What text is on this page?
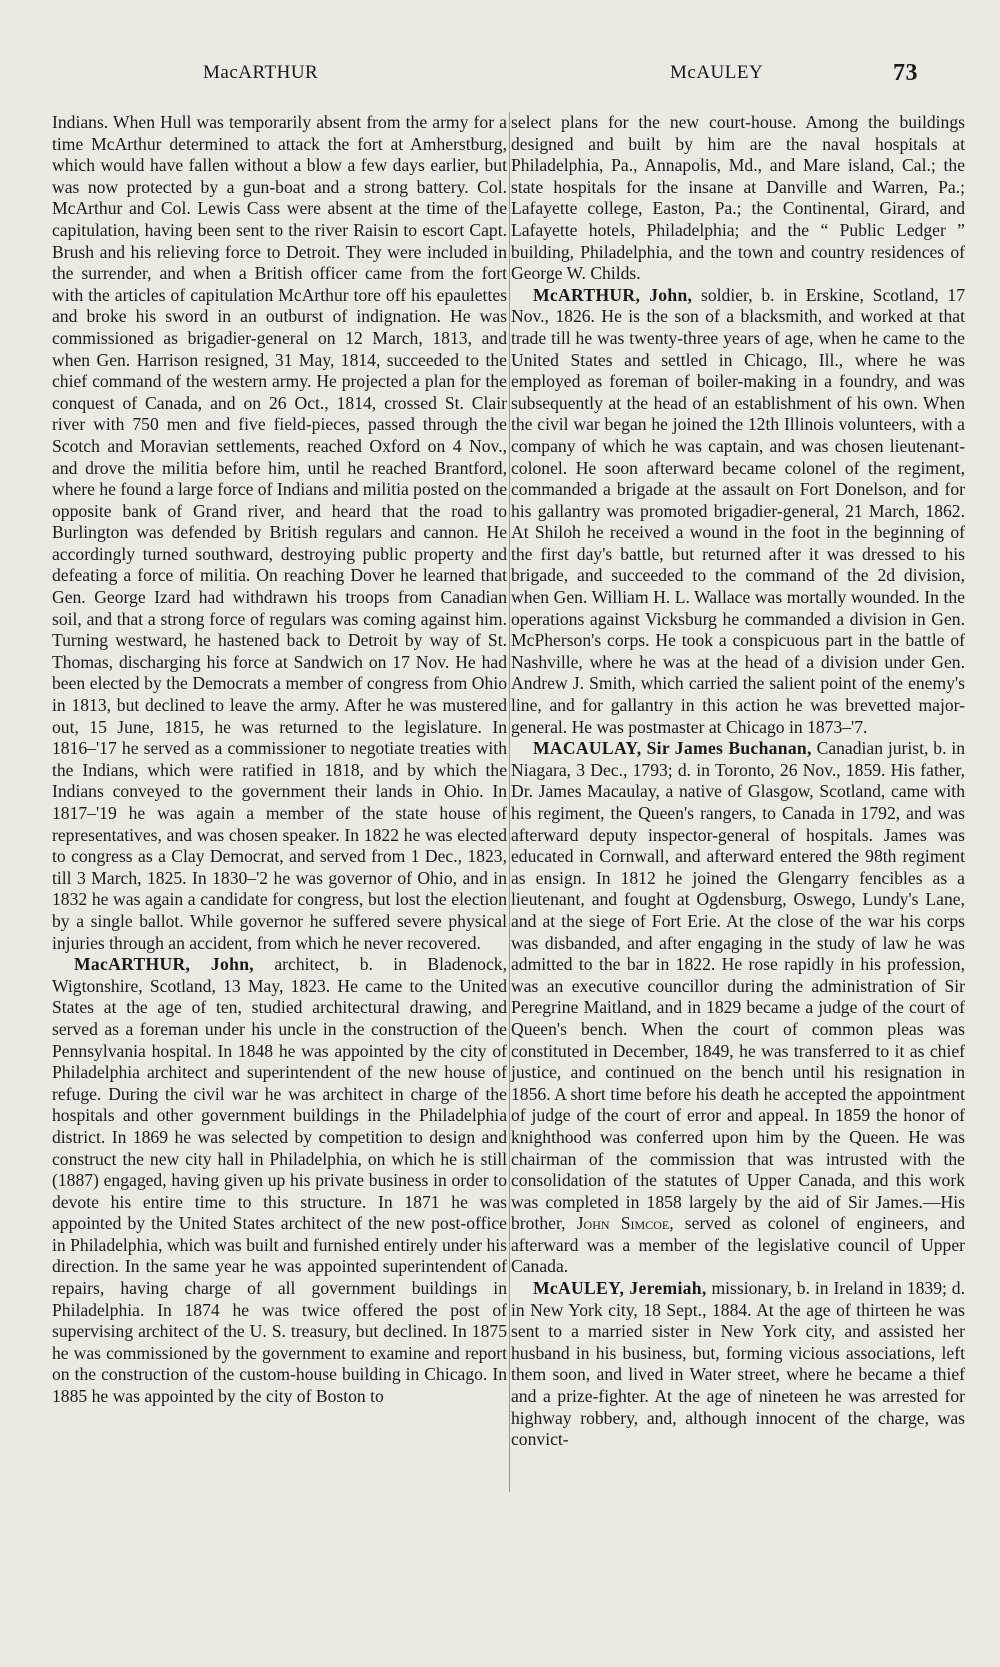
MacARTHUR	McAULEY	73

Indians. When Hull was temporarily absent from the army for a time McArthur determined to attack the fort at Amherstburg, which would have fallen without a blow a few days earlier, but was now protected by a gun-boat and a strong battery. Col. McArthur and Col. Lewis Cass were absent at the time of the capitulation, having been sent to the river Raisin to escort Capt. Brush and his relieving force to Detroit. They were included in the surrender, and when a British officer came from the fort with the articles of capitulation McArthur tore off his epaulettes and broke his sword in an outburst of indignation. He was commissioned as brigadier-general on 12 March, 1813, and when Gen. Harrison resigned, 31 May, 1814, succeeded to the chief command of the western army. He projected a plan for the conquest of Canada, and on 26 Oct., 1814, crossed St. Clair river with 750 men and five field-pieces, passed through the Scotch and Moravian settlements, reached Oxford on 4 Nov., and drove the militia before him, until he reached Brantford, where he found a large force of Indians and militia posted on the opposite bank of Grand river, and heard that the road to Burlington was defended by British regulars and cannon. He accordingly turned southward, destroying public property and defeating a force of militia. On reaching Dover he learned that Gen. George Izard had withdrawn his troops from Canadian soil, and that a strong force of regulars was coming against him. Turning westward, he hastened back to Detroit by way of St. Thomas, discharging his force at Sandwich on 17 Nov. He had been elected by the Democrats a member of congress from Ohio in 1813, but declined to leave the army. After he was mustered out, 15 June, 1815, he was returned to the legislature. In 1816–'17 he served as a commissioner to negotiate treaties with the Indians, which were ratified in 1818, and by which the Indians conveyed to the government their lands in Ohio. In 1817–'19 he was again a member of the state house of representatives, and was chosen speaker. In 1822 he was elected to congress as a Clay Democrat, and served from 1 Dec., 1823, till 3 March, 1825. In 1830–'2 he was governor of Ohio, and in 1832 he was again a candidate for congress, but lost the election by a single ballot. While governor he suffered severe physical injuries through an accident, from which he never recovered.

MacARTHUR, John, architect, b. in Bladenock, Wigtonshire, Scotland, 13 May, 1823. He came to the United States at the age of ten, studied architectural drawing, and served as a foreman under his uncle in the construction of the Pennsylvania hospital. In 1848 he was appointed by the city of Philadelphia architect and superintendent of the new house of refuge. During the civil war he was architect in charge of the hospitals and other government buildings in the Philadelphia district. In 1869 he was selected by competition to design and construct the new city hall in Philadelphia, on which he is still (1887) engaged, having given up his private business in order to devote his entire time to this structure. In 1871 he was appointed by the United States architect of the new post-office in Philadelphia, which was built and furnished entirely under his direction. In the same year he was appointed superintendent of repairs, having charge of all government buildings in Philadelphia. In 1874 he was twice offered the post of supervising architect of the U. S. treasury, but declined. In 1875 he was commissioned by the government to examine and report on the construction of the custom-house building in Chicago. In 1885 he was appointed by the city of Boston to

select plans for the new court-house. Among the buildings designed and built by him are the naval hospitals at Philadelphia, Pa., Annapolis, Md., and Mare island, Cal.; the state hospitals for the insane at Danville and Warren, Pa.; Lafayette college, Easton, Pa.; the Continental, Girard, and Lafayette hotels, Philadelphia; and the “ Public Ledger ” building, Philadelphia, and the town and country residences of George W. Childs.

McARTHUR, John, soldier, b. in Erskine, Scotland, 17 Nov., 1826. He is the son of a blacksmith, and worked at that trade till he was twenty-three years of age, when he came to the United States and settled in Chicago, Ill., where he was employed as foreman of boiler-making in a foundry, and was subsequently at the head of an establishment of his own. When the civil war began he joined the 12th Illinois volunteers, with a company of which he was captain, and was chosen lieutenant-colonel. He soon afterward became colonel of the regiment, commanded a brigade at the assault on Fort Donelson, and for his gallantry was promoted brigadier-general, 21 March, 1862. At Shiloh he received a wound in the foot in the beginning of the first day's battle, but returned after it was dressed to his brigade, and succeeded to the command of the 2d division, when Gen. William H. L. Wallace was mortally wounded. In the operations against Vicksburg he commanded a division in Gen. McPherson's corps. He took a conspicuous part in the battle of Nashville, where he was at the head of a division under Gen. Andrew J. Smith, which carried the salient point of the enemy's line, and for gallantry in this action he was brevetted major-general. He was postmaster at Chicago in 1873–'7.

MACAULAY, Sir James Buchanan, Canadian jurist, b. in Niagara, 3 Dec., 1793; d. in Toronto, 26 Nov., 1859. His father, Dr. James Macaulay, a native of Glasgow, Scotland, came with his regiment, the Queen's rangers, to Canada in 1792, and was afterward deputy inspector-general of hospitals. James was educated in Cornwall, and afterward entered the 98th regiment as ensign. In 1812 he joined the Glengarry fencibles as a lieutenant, and fought at Ogdensburg, Oswego, Lundy's Lane, and at the siege of Fort Erie. At the close of the war his corps was disbanded, and after engaging in the study of law he was admitted to the bar in 1822. He rose rapidly in his profession, was an executive councillor during the administration of Sir Peregrine Maitland, and in 1829 became a judge of the court of Queen's bench. When the court of common pleas was constituted in December, 1849, he was transferred to it as chief justice, and continued on the bench until his resignation in 1856. A short time before his death he accepted the appointment of judge of the court of error and appeal. In 1859 the honor of knighthood was conferred upon him by the Queen. He was chairman of the commission that was intrusted with the consolidation of the statutes of Upper Canada, and this work was completed in 1858 largely by the aid of Sir James.—His brother, John Simcoe, served as colonel of engineers, and afterward was a member of the legislative council of Upper Canada.

McAULEY, Jeremiah, missionary, b. in Ireland in 1839; d. in New York city, 18 Sept., 1884. At the age of thirteen he was sent to a married sister in New York city, and assisted her husband in his business, but, forming vicious associations, left them soon, and lived in Water street, where he became a thief and a prize-fighter. At the age of nineteen he was arrested for highway robbery, and, although innocent of the charge, was convict-
